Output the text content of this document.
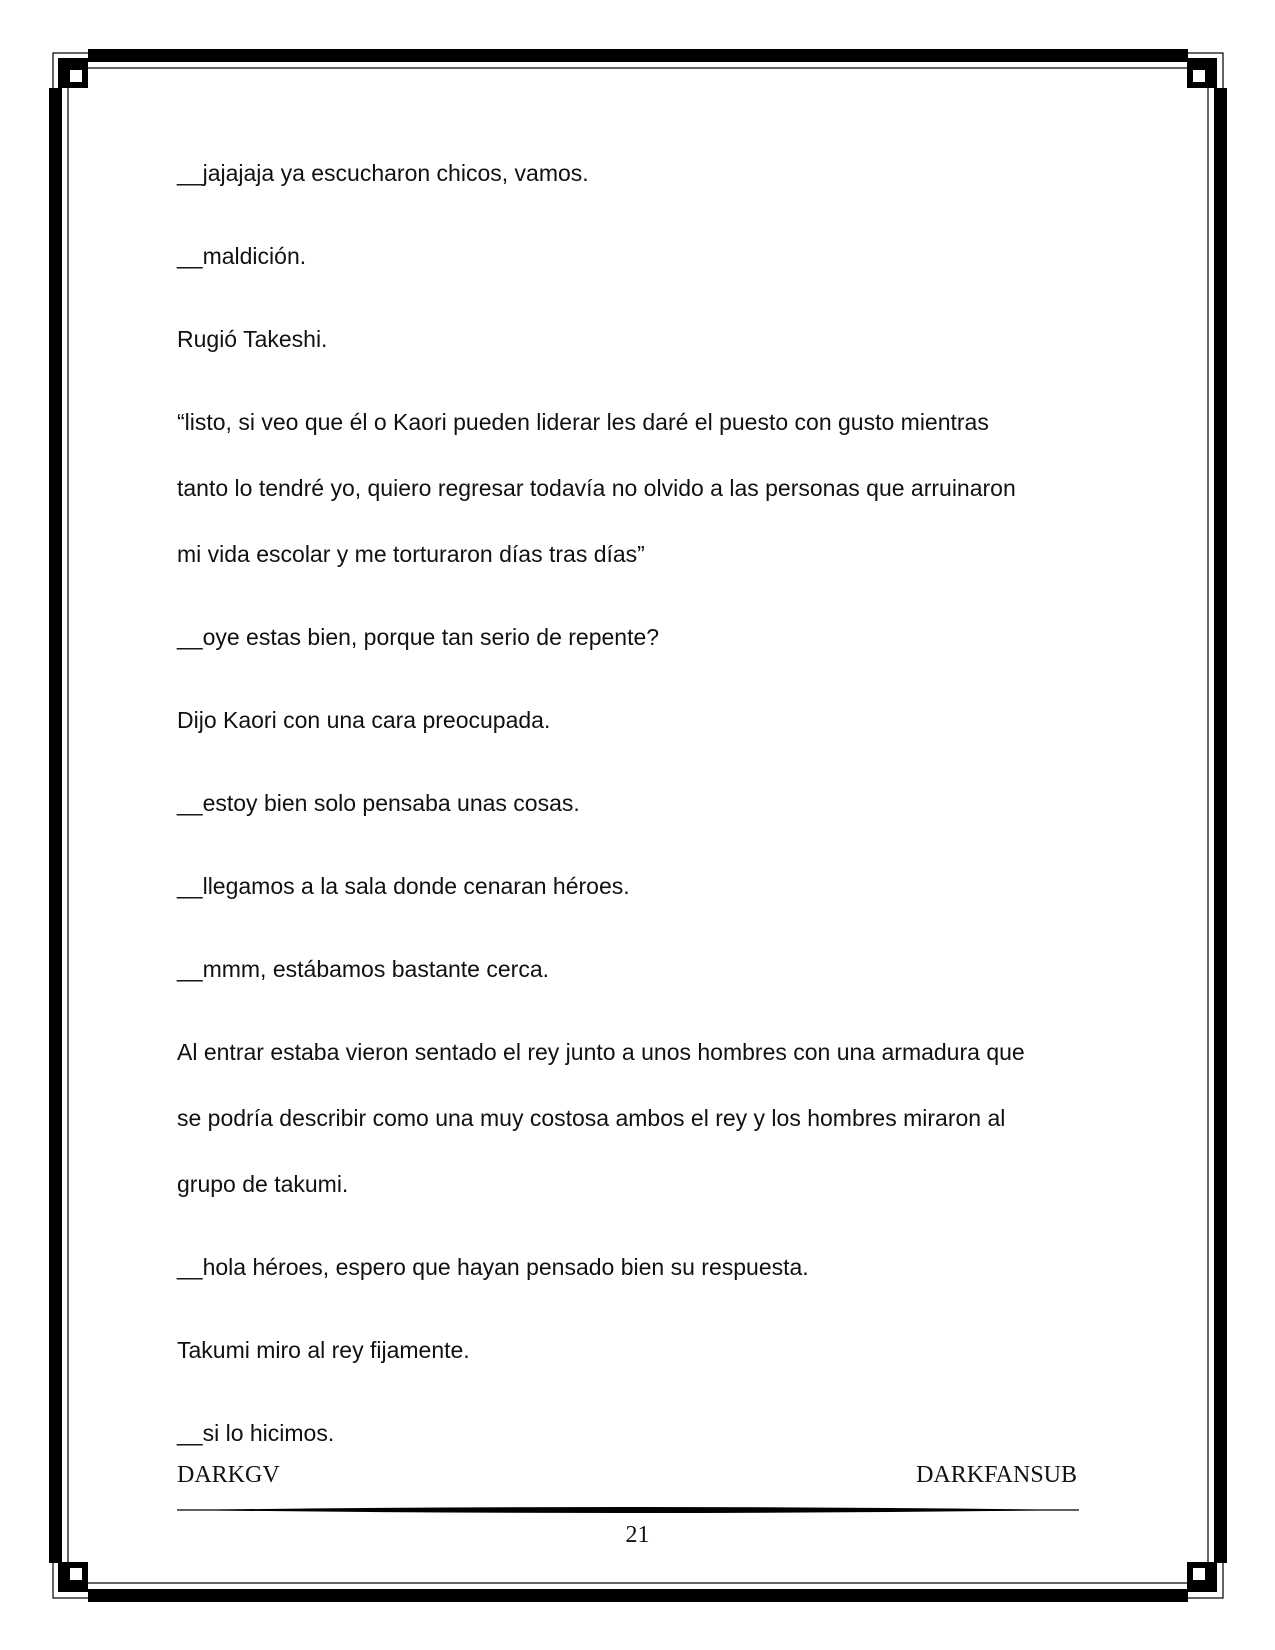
__jajajaja ya escucharon chicos, vamos.

__maldición.

Rugió Takeshi.

“listo, si veo que él o Kaori pueden liderar les daré el puesto con gusto mientras

tanto lo tendré yo, quiero regresar todavía no olvido a las personas que arruinaron

mi vida escolar y me torturaron días tras días”

__oye estas bien, porque tan serio de repente?

Dijo Kaori con una cara preocupada.

__estoy bien solo pensaba unas cosas.

__llegamos a la sala donde cenaran héroes.

__mmm, estábamos bastante cerca.

Al entrar estaba vieron sentado el rey junto a unos hombres con una armadura que

se podría describir como una muy costosa ambos el rey y los hombres miraron al

grupo de takumi.

__hola héroes, espero que hayan pensado bien su respuesta.

Takumi miro al rey fijamente.

__si lo hicimos.

DARKGV	DARKFANSUB
21
